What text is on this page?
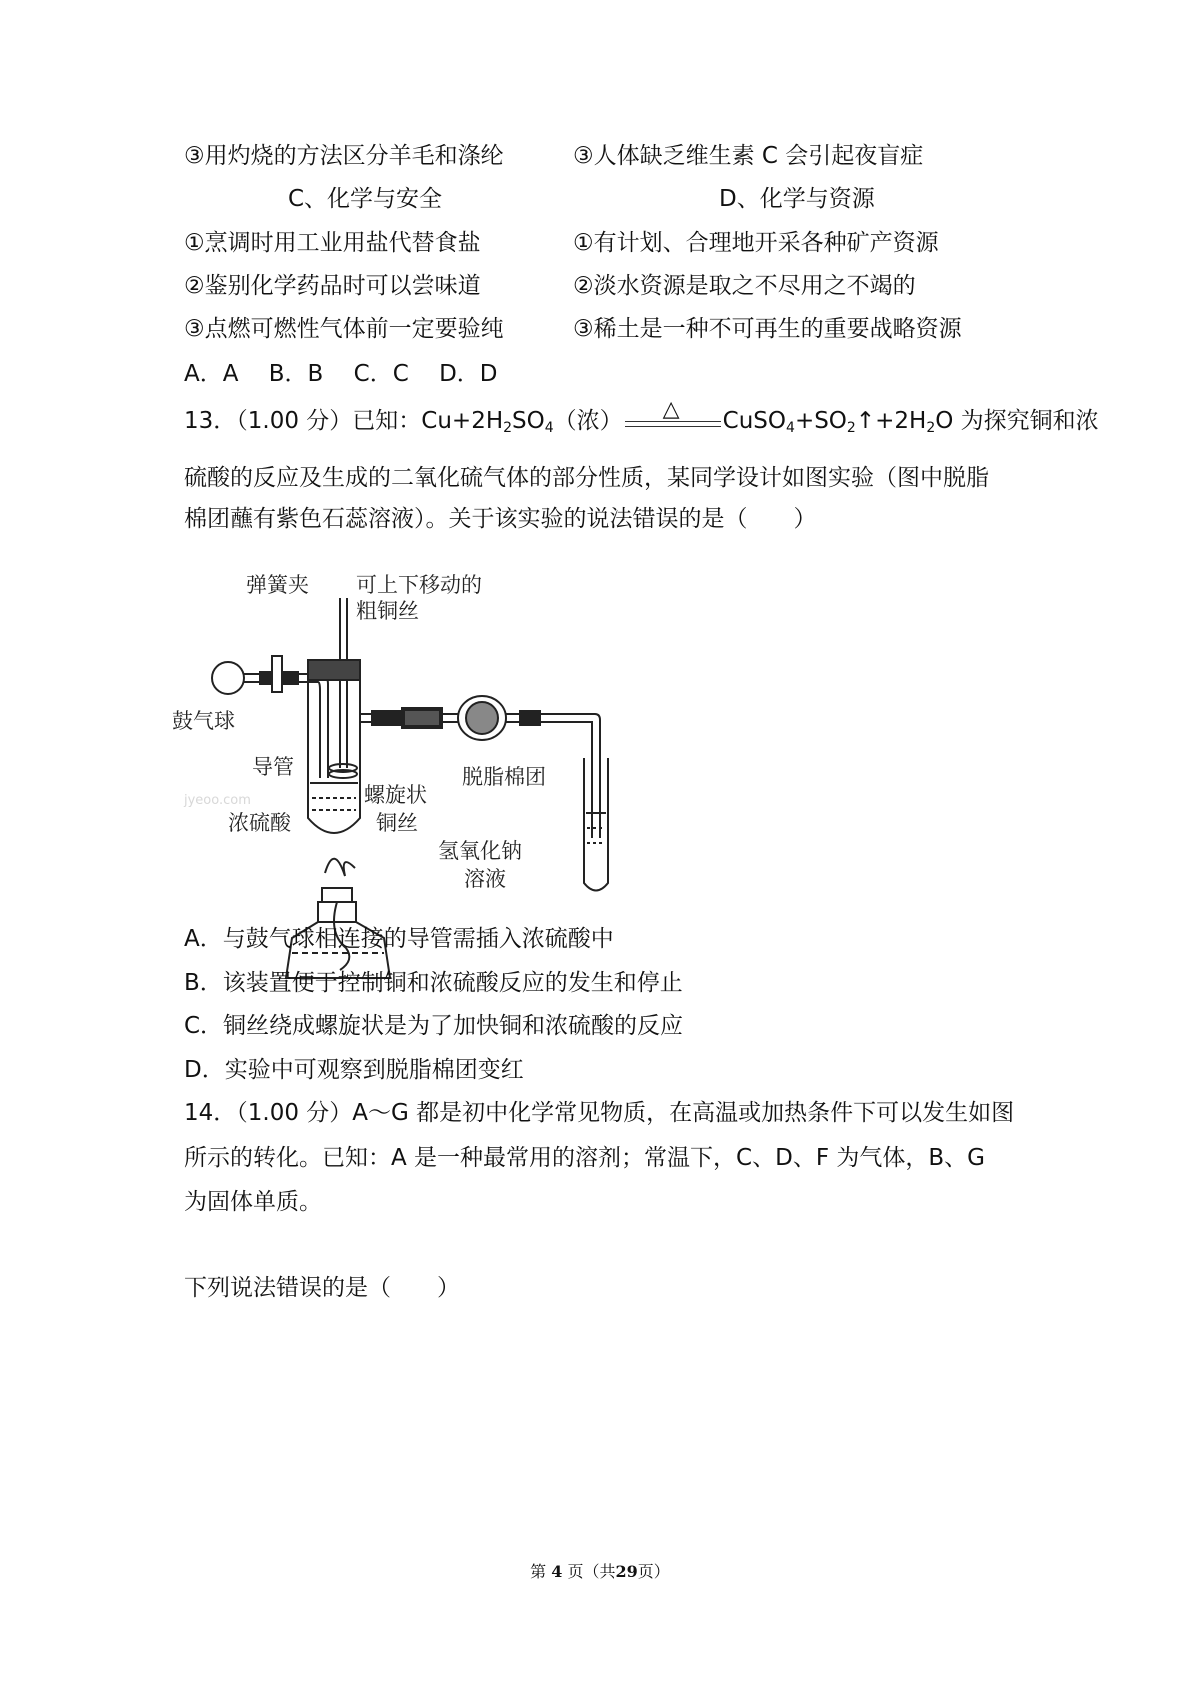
③用灼烧的方法区分羊毛和涤纶	③人体缺乏维生素 C 会引起夜盲症
C、化学与安全	D、化学与资源
①烹调时用工业用盐代替食盐	①有计划、合理地开采各种矿产资源
②鉴别化学药品时可以尝味道	②淡水资源是取之不尽用之不竭的
③点燃可燃性气体前一定要验纯	③稀土是一种不可再生的重要战略资源
A．A　 B．B　 C．C　 D．D
13．（1.00 分）已知：$Cu+2H_2SO_4$（浓） △ $CuSO_4+SO_2↑+2H_2O$ 为探究铜和浓
硫酸的反应及生成的二氧化硫气体的部分性质，某同学设计如图实验（图中脱脂
棉团蘸有紫色石蕊溶液）。关于该实验的说法错误的是（　　）
弹簧夹 可上下移动的
粗铜丝
鼓气球
导管
螺旋状
铜丝
浓硫酸
脱脂棉团
氢氧化钠
溶液
jyeoo.com
A．与鼓气球相连接的导管需插入浓硫酸中
B．该装置便于控制铜和浓硫酸反应的发生和停止
C．铜丝绕成螺旋状是为了加快铜和浓硫酸的反应
D．实验中可观察到脱脂棉团变红
14．（1.00 分）A～G 都是初中化学常见物质，在高温或加热条件下可以发生如图
所示的转化。已知：A 是一种最常用的溶剂；常温下，C、D、F 为气体，B、G
为固体单质。
下列说法错误的是（　　）
第 4 页（共29页）
